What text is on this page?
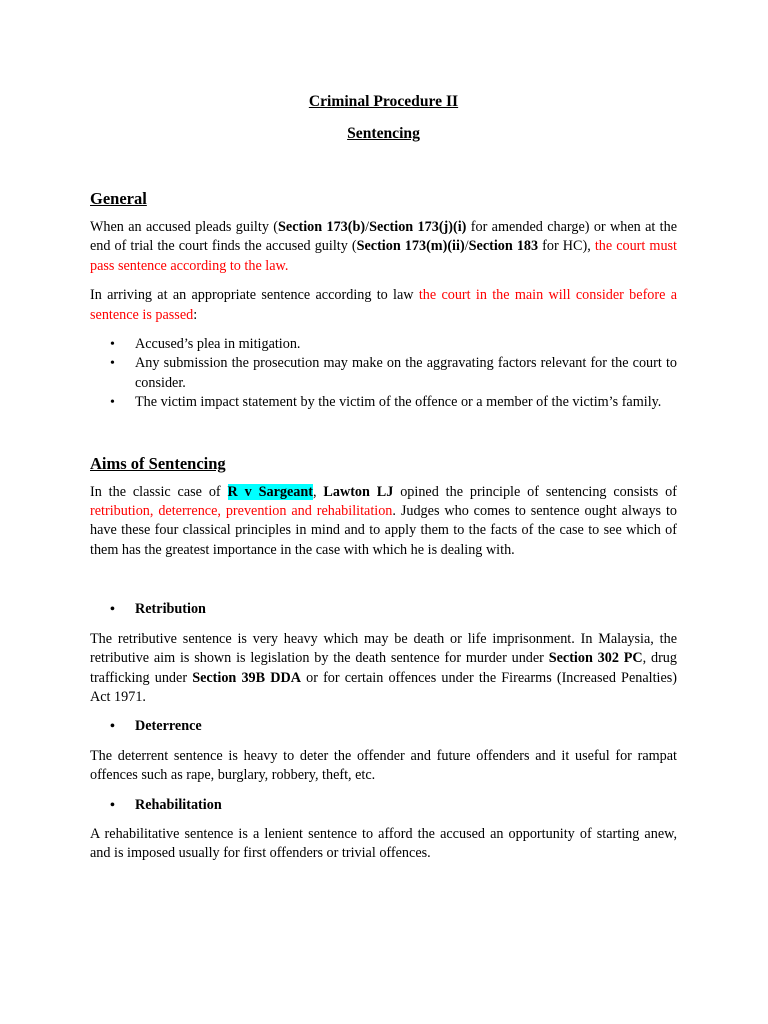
Criminal Procedure II

Sentencing

General

When an accused pleads guilty (Section 173(b)/Section 173(j)(i) for amended charge) or when at the end of trial the court finds the accused guilty (Section 173(m)(ii)/Section 183 for HC), the court must pass sentence according to the law.

In arriving at an appropriate sentence according to law the court in the main will consider before a sentence is passed:

• Accused’s plea in mitigation.
• Any submission the prosecution may make on the aggravating factors relevant for the court to consider.
• The victim impact statement by the victim of the offence or a member of the victim’s family.
Aims of Sentencing

In the classic case of R v Sargeant, Lawton LJ opined the principle of sentencing consists of retribution, deterrence, prevention and rehabilitation. Judges who comes to sentence ought always to have these four classical principles in mind and to apply them to the facts of the case to see which of them has the greatest importance in the case with which he is dealing with.

• Retribution

The retributive sentence is very heavy which may be death or life imprisonment. In Malaysia, the retributive aim is shown is legislation by the death sentence for murder under Section 302 PC, drug trafficking under Section 39B DDA or for certain offences under the Firearms (Increased Penalties) Act 1971.

• Deterrence

The deterrent sentence is heavy to deter the offender and future offenders and it useful for rampat offences such as rape, burglary, robbery, theft, etc.

• Rehabilitation

A rehabilitative sentence is a lenient sentence to afford the accused an opportunity of starting anew, and is imposed usually for first offenders or trivial offences.
